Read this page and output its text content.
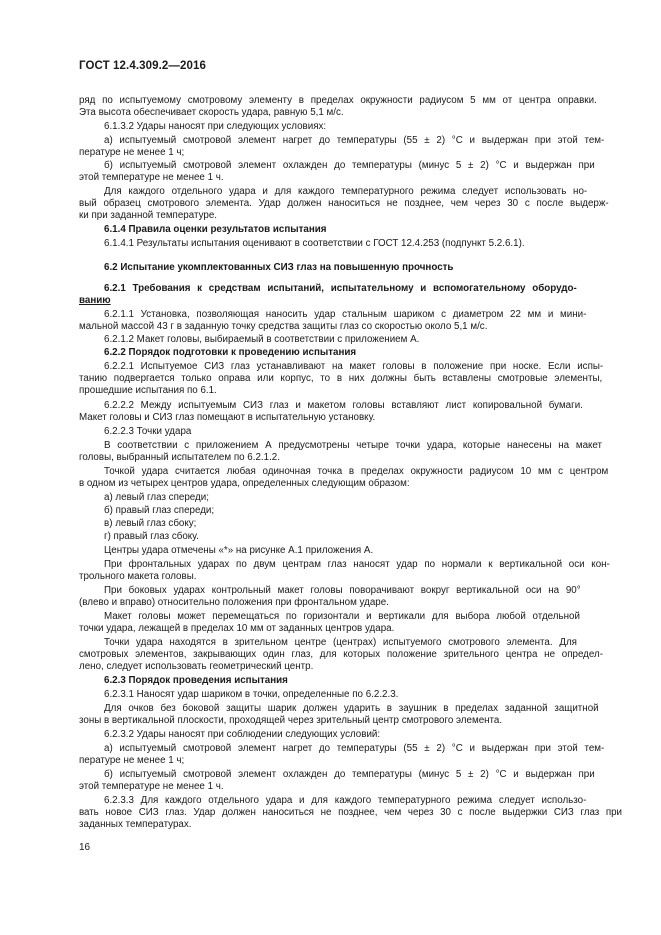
ГОСТ 12.4.309.2—2016
ряд по испытуемому смотровому элементу в пределах окружности радиусом 5 мм от центра оправки.
Эта высота обеспечивает скорость удара, равную 5,1 м/с.
6.1.3.2 Удары наносят при следующих условиях:
а) испытуемый смотровой элемент нагрет до температуры (55 ± 2) °С и выдержан при этой тем-
пературе не менее 1 ч;
б) испытуемый смотровой элемент охлажден до температуры (минус 5 ± 2) °С и выдержан при
этой температуре не менее 1 ч.
Для каждого отдельного удара и для каждого температурного режима следует использовать но-
вый образец смотрового элемента. Удар должен наноситься не позднее, чем через 30 с после выдерж-
ки при заданной температуре.
6.1.4 Правила оценки результатов испытания
6.1.4.1 Результаты испытания оценивают в соответствии с ГОСТ 12.4.253 (подпункт 5.2.6.1).
6.2 Испытание укомплектованных СИЗ глаз на повышенную прочность
6.2.1 Требования к средствам испытаний, испытательному и вспомогательному оборудо-
ванию
6.2.1.1 Установка, позволяющая наносить удар стальным шариком с диаметром 22 мм и мини-
мальной массой 43 г в заданную точку средства защиты глаз со скоростью около 5,1 м/с.
6.2.1.2 Макет головы, выбираемый в соответствии с приложением А.
6.2.2 Порядок подготовки к проведению испытания
6.2.2.1 Испытуемое СИЗ глаз устанавливают на макет головы в положение при носке. Если испы-
танию подвергается только оправа или корпус, то в них должны быть вставлены смотровые элементы,
прошедшие испытания по 6.1.
6.2.2.2 Между испытуемым СИЗ глаз и макетом головы вставляют лист копировальной бумаги.
Макет головы и СИЗ глаз помещают в испытательную установку.
6.2.2.3 Точки удара
В соответствии с приложением А предусмотрены четыре точки удара, которые нанесены на макет
головы, выбранный испытателем по 6.2.1.2.
Точкой удара считается любая одиночная точка в пределах окружности радиусом 10 мм с центром
в одном из четырех центров удара, определенных следующим образом:
а) левый глаз спереди;
б) правый глаз спереди;
в) левый глаз сбоку;
г) правый глаз сбоку.
Центры удара отмечены «*» на рисунке А.1 приложения А.
При фронтальных ударах по двум центрам глаз наносят удар по нормали к вертикальной оси кон-
трольного макета головы.
При боковых ударах контрольный макет головы поворачивают вокруг вертикальной оси на 90°
(влево и вправо) относительно положения при фронтальном ударе.
Макет головы может перемещаться по горизонтали и вертикали для выбора любой отдельной
точки удара, лежащей в пределах 10 мм от заданных центров удара.
Точки удара находятся в зрительном центре (центрах) испытуемого смотрового элемента. Для
смотровых элементов, закрывающих один глаз, для которых положение зрительного центра не определ-
лено, следует использовать геометрический центр.
6.2.3 Порядок проведения испытания
6.2.3.1 Наносят удар шариком в точки, определенные по 6.2.2.3.
Для очков без боковой защиты шарик должен ударить в заушник в пределах заданной защитной
зоны в вертикальной плоскости, проходящей через зрительный центр смотрового элемента.
6.2.3.2 Удары наносят при соблюдении следующих условий:
а) испытуемый смотровой элемент нагрет до температуры (55 ± 2) °С и выдержан при этой тем-
пературе не менее 1 ч;
б) испытуемый смотровой элемент охлажден до температуры (минус 5 ± 2) °С и выдержан при
этой температуре не менее 1 ч.
6.2.3.3 Для каждого отдельного удара и для каждого температурного режима следует использо-
вать новое СИЗ глаз. Удар должен наноситься не позднее, чем через 30 с после выдержки СИЗ глаз при
заданных температурах.
16
